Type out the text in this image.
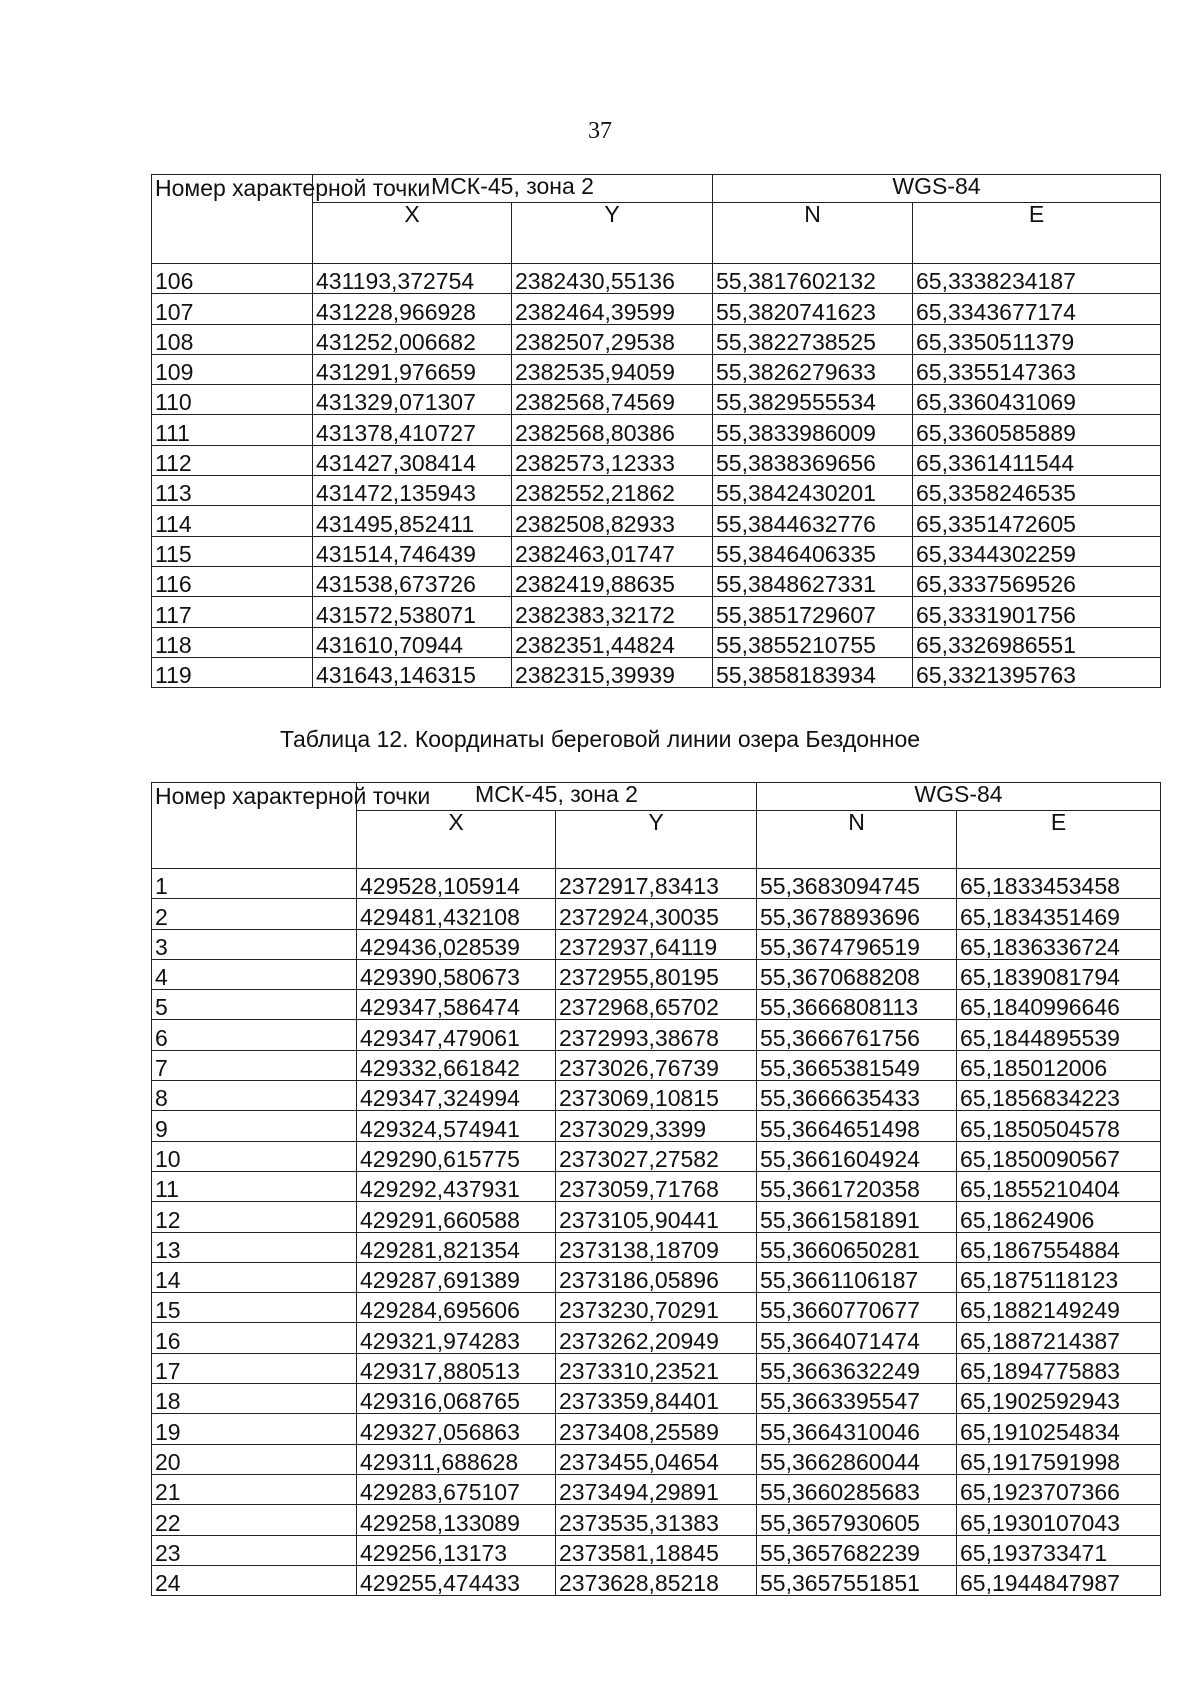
37
Номер характерной точки	МСК-45, зона 2		WGS-84	
	X	Y	N	E
106	431193,372754	2382430,55136	55,3817602132	65,3338234187
107	431228,966928	2382464,39599	55,3820741623	65,3343677174
108	431252,006682	2382507,29538	55,3822738525	65,3350511379
109	431291,976659	2382535,94059	55,3826279633	65,3355147363
110	431329,071307	2382568,74569	55,3829555534	65,3360431069
111	431378,410727	2382568,80386	55,3833986009	65,3360585889
112	431427,308414	2382573,12333	55,3838369656	65,3361411544
113	431472,135943	2382552,21862	55,3842430201	65,3358246535
114	431495,852411	2382508,82933	55,3844632776	65,3351472605
115	431514,746439	2382463,01747	55,3846406335	65,3344302259
116	431538,673726	2382419,88635	55,3848627331	65,3337569526
117	431572,538071	2382383,32172	55,3851729607	65,3331901756
118	431610,70944	2382351,44824	55,3855210755	65,3326986551
119	431643,146315	2382315,39939	55,3858183934	65,3321395763
Таблица 12. Координаты береговой линии озера Бездонное
Номер характерной точки	МСК-45, зона 2		WGS-84	
	X	Y	N	E
1	429528,105914	2372917,83413	55,3683094745	65,1833453458
2	429481,432108	2372924,30035	55,3678893696	65,1834351469
3	429436,028539	2372937,64119	55,3674796519	65,1836336724
4	429390,580673	2372955,80195	55,3670688208	65,1839081794
5	429347,586474	2372968,65702	55,3666808113	65,1840996646
6	429347,479061	2372993,38678	55,3666761756	65,1844895539
7	429332,661842	2373026,76739	55,3665381549	65,185012006
8	429347,324994	2373069,10815	55,3666635433	65,1856834223
9	429324,574941	2373029,3399	55,3664651498	65,1850504578
10	429290,615775	2373027,27582	55,3661604924	65,1850090567
11	429292,437931	2373059,71768	55,3661720358	65,1855210404
12	429291,660588	2373105,90441	55,3661581891	65,18624906
13	429281,821354	2373138,18709	55,3660650281	65,1867554884
14	429287,691389	2373186,05896	55,3661106187	65,1875118123
15	429284,695606	2373230,70291	55,3660770677	65,1882149249
16	429321,974283	2373262,20949	55,3664071474	65,1887214387
17	429317,880513	2373310,23521	55,3663632249	65,1894775883
18	429316,068765	2373359,84401	55,3663395547	65,1902592943
19	429327,056863	2373408,25589	55,3664310046	65,1910254834
20	429311,688628	2373455,04654	55,3662860044	65,1917591998
21	429283,675107	2373494,29891	55,3660285683	65,1923707366
22	429258,133089	2373535,31383	55,3657930605	65,1930107043
23	429256,13173	2373581,18845	55,3657682239	65,193733471
24	429255,474433	2373628,85218	55,3657551851	65,1944847987
